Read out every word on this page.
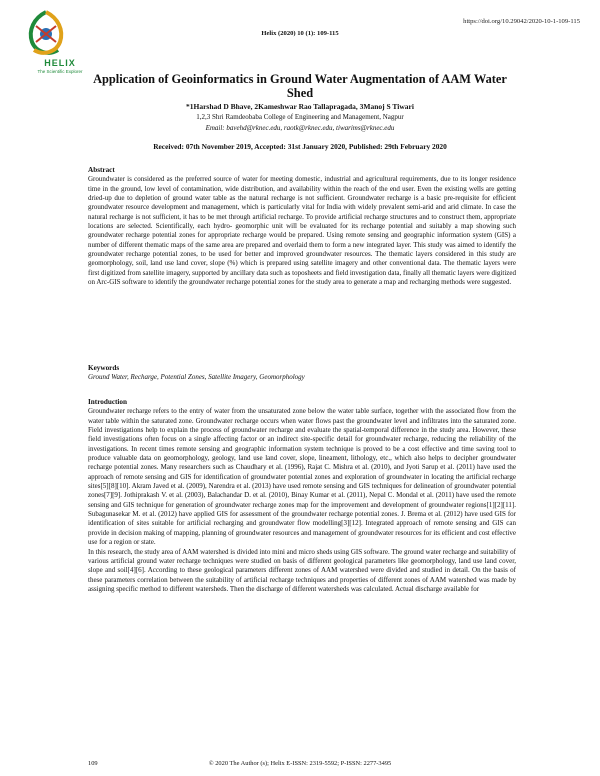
HELIX
The Scientific Explorer
https://doi.org/10.29042/2020-10-1-109-115
Helix (2020) 10 (1): 109-115
Application of Geoinformatics in Ground Water Augmentation of AAM Water Shed
*1Harshad D Bhave, 2Kameshwar Rao Tallapragada, 3Manoj S Tiwari
1,2,3 Shri Ramdeobaba College of Engineering and Management, Nagpur
Email: bavehd@rknec.edu, raotk@rknec.edu, tiwarims@rknec.edu
Received: 07th November 2019, Accepted: 31st January 2020, Published: 29th February 2020
Abstract

Groundwater is considered as the preferred source of water for meeting domestic, industrial and agricultural requirements, due to its longer residence time in the ground, low level of contamination, wide distribution, and availability within the reach of the end user. Even the existing wells are getting dried-up due to depletion of ground water table as the natural recharge is not sufficient. Groundwater recharge is a basic pre-requisite for efficient groundwater resource development and management, which is particularly vital for India with widely prevalent semi-arid and arid climate. In case the natural recharge is not sufficient, it has to be met through artificial recharge. To provide artificial recharge structures and to construct them, appropriate locations are selected. Scientifically, each hydro- geomorphic unit will be evaluated for its recharge potential and suitably a map showing such groundwater recharge potential zones for appropriate recharge would be prepared. Using remote sensing and geographic information system (GIS) a number of different thematic maps of the same area are prepared and overlaid them to form a new integrated layer. This study was aimed to identify the groundwater recharge potential zones, to be used for better and improved groundwater resources. The thematic layers considered in this study are geomorphology, soil, land use land cover, slope (%) which is prepared using satellite imagery and other conventional data. The thematic layers were first digitized from satellite imagery, supported by ancillary data such as toposheets and field investigation data, finally all thematic layers were digitized on Arc-GIS software to identify the groundwater recharge potential zones for the study area to generate a map and recharging methods were suggested.

Keywords

Ground Water, Recharge, Potential Zones, Satellite Imagery, Geomorphology

Introduction

Groundwater recharge refers to the entry of water from the unsaturated zone below the water table surface, together with the associated flow from the water table within the saturated zone. Groundwater recharge occurs when water flows past the groundwater level and infiltrates into the saturated zone. Field investigations help to explain the process of groundwater recharge and evaluate the spatial-temporal difference in the study area. However, these field investigations often focus on a single affecting factor or an indirect site-specific detail for groundwater recharge, reducing the reliability of the investigations. In recent times remote sensing and geographic information system technique is proved to be a cost effective and time saving tool to produce valuable data on geomorphology, geology, land use land cover, slope, lineament, lithology, etc., which also helps to decipher groundwater recharge potential zones. Many researchers such as Chaudhary et al. (1996), Rajat C. Mishra et al. (2010), and Jyoti Sarup et al. (2011) have used the approach of remote sensing and GIS for identification of groundwater potential zones and exploration of groundwater in locating the artificial recharge sites[5][8][10]. Akram Javed et al. (2009), Narendra et al. (2013) have used remote sensing and GIS techniques for delineation of groundwater potential zones[7][9]. Jothiprakash V. et al. (2003), Balachandar D. et al. (2010), Binay Kumar et al. (2011), Nepal C. Mondal et al. (2011) have used the remote sensing and GIS technique for generation of groundwater recharge zones map for the improvement and development of groundwater regions[1][2][11]. Subagunasekar M. et al. (2012) have applied GIS for assessment of the groundwater recharge potential zones. J. Brema et al. (2012) have used GIS for identification of sites suitable for artificial recharging and groundwater flow modelling[3][12]. Integrated approach of remote sensing and GIS can provide in decision making of mapping, planning of groundwater resources and management of groundwater resources for its efficient and cost effective use for a region or state.

In this research, the study area of AAM watershed is divided into mini and micro sheds using GIS software. The ground water recharge and suitability of various artificial ground water recharge techniques were studied on basis of different geological parameters like geomorphology, land use land cover, slope and soil[4][6]. According to these geological parameters different zones of AAM watershed were divided and studied in detail. On the basis of these parameters correlation between the suitability of artificial recharge techniques and properties of different zones of AAM watershed was made by assigning specific method to different watersheds. Then the discharge of different watersheds was calculated. Actual discharge available for

109	© 2020 The Author (s); Helix E-ISSN: 2319-5592; P-ISSN: 2277-3495
